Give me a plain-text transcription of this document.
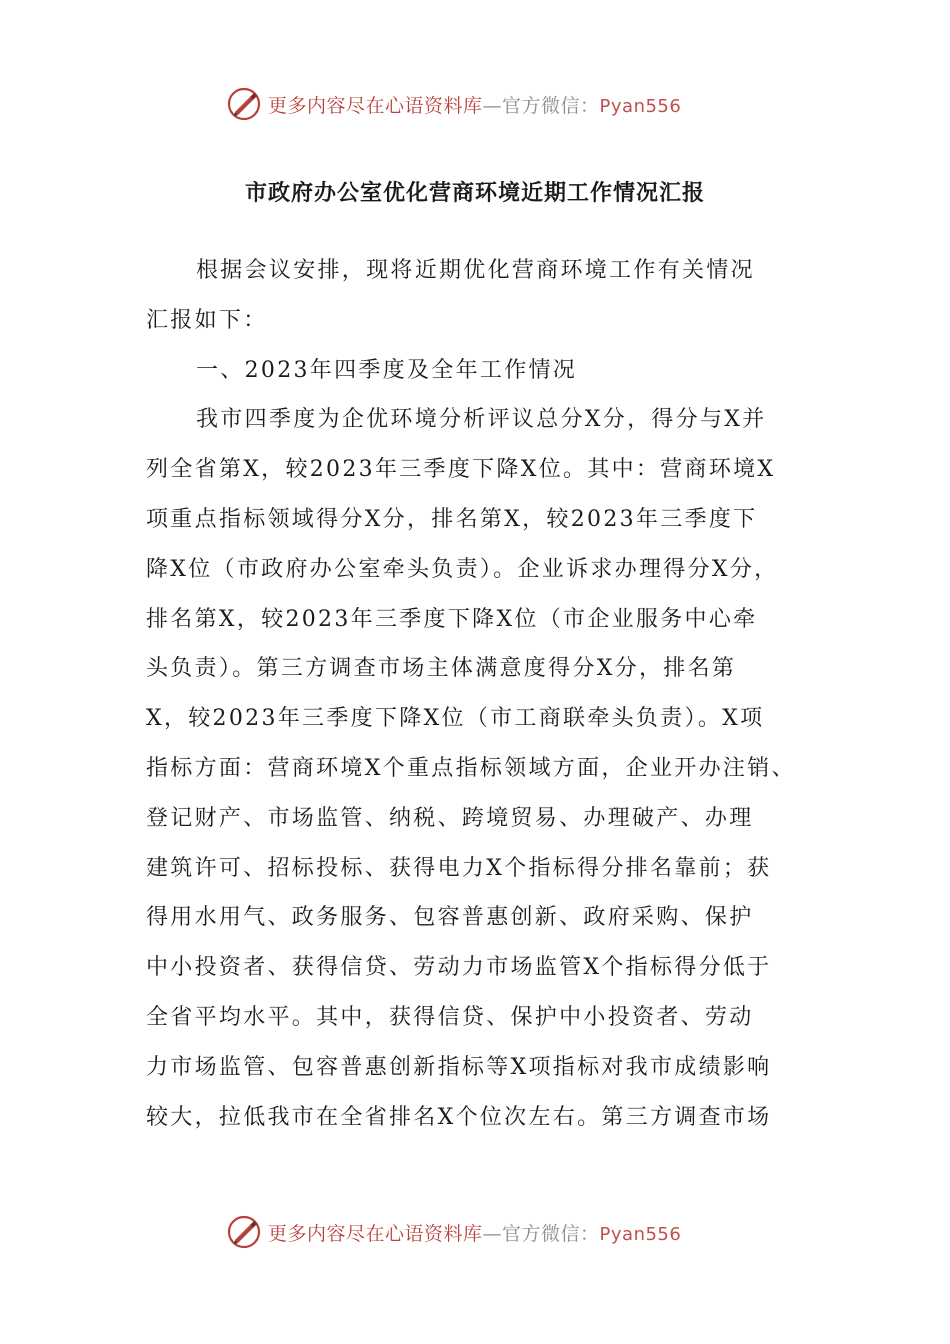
更多内容尽在心语资料库—官方微信：Pyan556
市政府办公室优化营商环境近期工作情况汇报
根据会议安排，现将近期优化营商环境工作有关情况
汇报如下：
一、2023年四季度及全年工作情况
我市四季度为企优环境分析评议总分X分，得分与X并
列全省第X，较2023年三季度下降X位。其中：营商环境X
项重点指标领域得分X分，排名第X，较2023年三季度下
降X位（市政府办公室牵头负责）。企业诉求办理得分X分，
排名第X，较2023年三季度下降X位（市企业服务中心牵
头负责）。第三方调查市场主体满意度得分X分，排名第
X，较2023年三季度下降X位（市工商联牵头负责）。X项
指标方面：营商环境X个重点指标领域方面，企业开办注销、
登记财产、市场监管、纳税、跨境贸易、办理破产、办理
建筑许可、招标投标、获得电力X个指标得分排名靠前；获
得用水用气、政务服务、包容普惠创新、政府采购、保护
中小投资者、获得信贷、劳动力市场监管X个指标得分低于
全省平均水平。其中，获得信贷、保护中小投资者、劳动
力市场监管、包容普惠创新指标等X项指标对我市成绩影响
较大，拉低我市在全省排名X个位次左右。第三方调查市场
更多内容尽在心语资料库—官方微信：Pyan556
